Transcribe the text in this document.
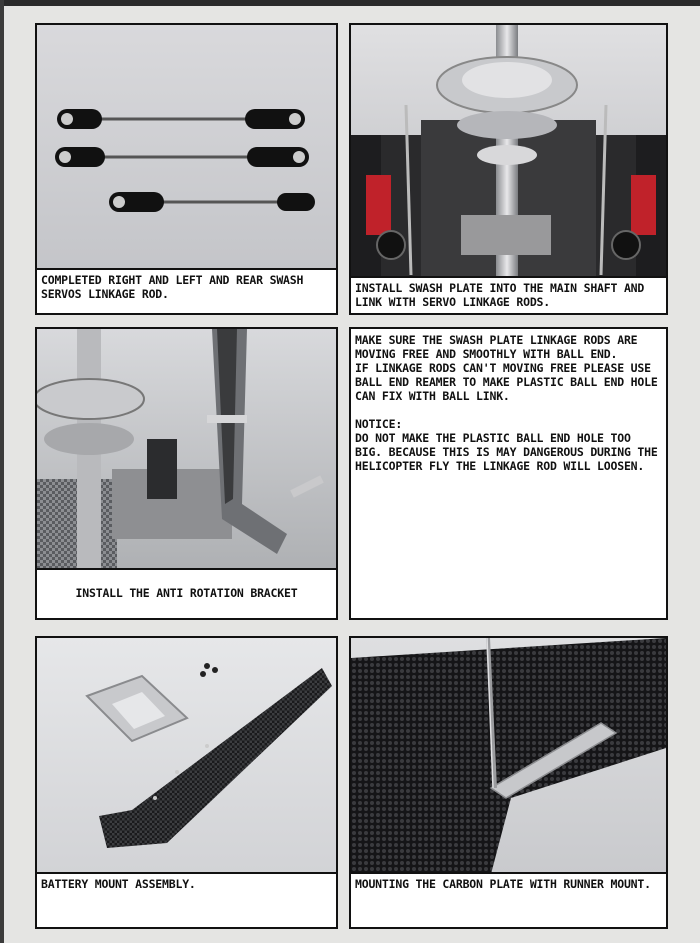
COMPLETED RIGHT AND LEFT AND REAR SWASH SERVOS LINKAGE ROD.	INSTALL SWASH PLATE INTO THE MAIN SHAFT AND LINK WITH SERVO LINKAGE RODS.
INSTALL THE ANTI ROTATION BRACKET

MAKE SURE THE SWASH PLATE LINKAGE RODS ARE MOVING FREE AND SMOOTHLY WITH BALL END.

IF LINKAGE RODS CAN'T MOVING FREE PLEASE USE BALL END REAMER TO MAKE PLASTIC BALL END HOLE CAN FIX WITH BALL LINK.

NOTICE:

DO NOT MAKE THE PLASTIC BALL END HOLE TOO BIG. BECAUSE THIS IS MAY DANGEROUS DURING THE HELICOPTER FLY THE LINKAGE ROD WILL LOOSEN.

BATTERY MOUNT ASSEMBLY.	MOUNTING THE CARBON PLATE WITH RUNNER MOUNT.
